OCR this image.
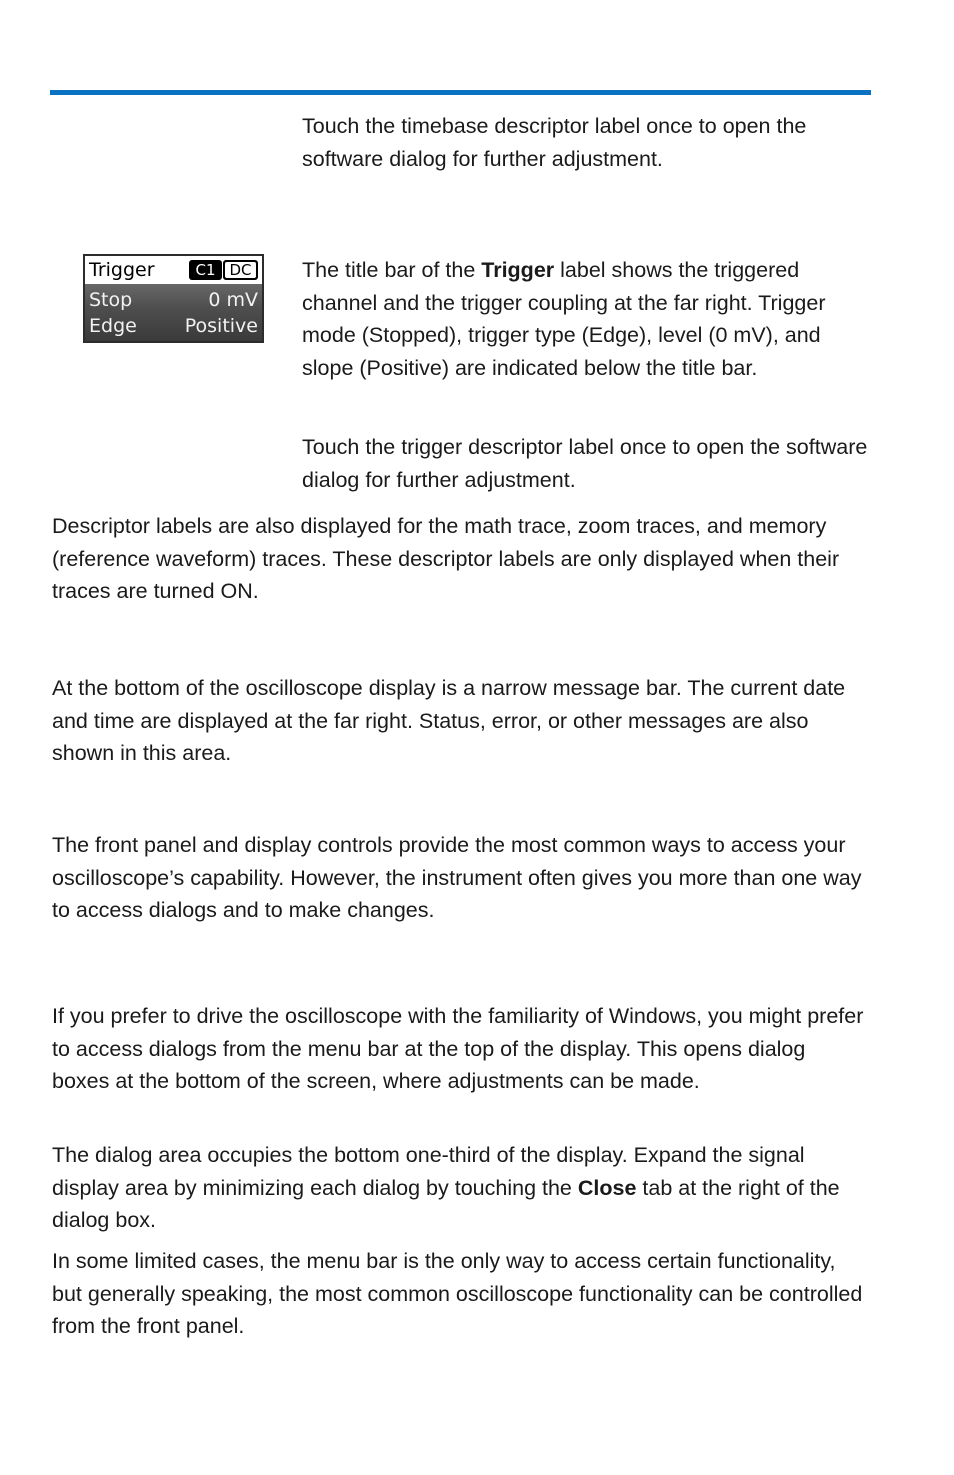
Touch the timebase descriptor label once to open the software dialog for further adjustment.

Trigger	C1 DC
Stop	0 mV
Edge	Positive

The title bar of the Trigger label shows the triggered channel and the trigger coupling at the far right. Trigger mode (Stopped), trigger type (Edge), level (0 mV), and slope (Positive) are indicated below the title bar.

Touch the trigger descriptor label once to open the software dialog for further adjustment.

Descriptor labels are also displayed for the math trace, zoom traces, and memory (reference waveform) traces. These descriptor labels are only displayed when their traces are turned ON.

At the bottom of the oscilloscope display is a narrow message bar. The current date and time are displayed at the far right. Status, error, or other messages are also shown in this area.

The front panel and display controls provide the most common ways to access your oscilloscope’s capability. However, the instrument often gives you more than one way to access dialogs and to make changes.

If you prefer to drive the oscilloscope with the familiarity of Windows, you might prefer to access dialogs from the menu bar at the top of the display. This opens dialog boxes at the bottom of the screen, where adjustments can be made.

The dialog area occupies the bottom one-third of the display. Expand the signal display area by minimizing each dialog by touching the Close tab at the right of the dialog box.

In some limited cases, the menu bar is the only way to access certain functionality, but generally speaking, the most common oscilloscope functionality can be controlled from the front panel.
